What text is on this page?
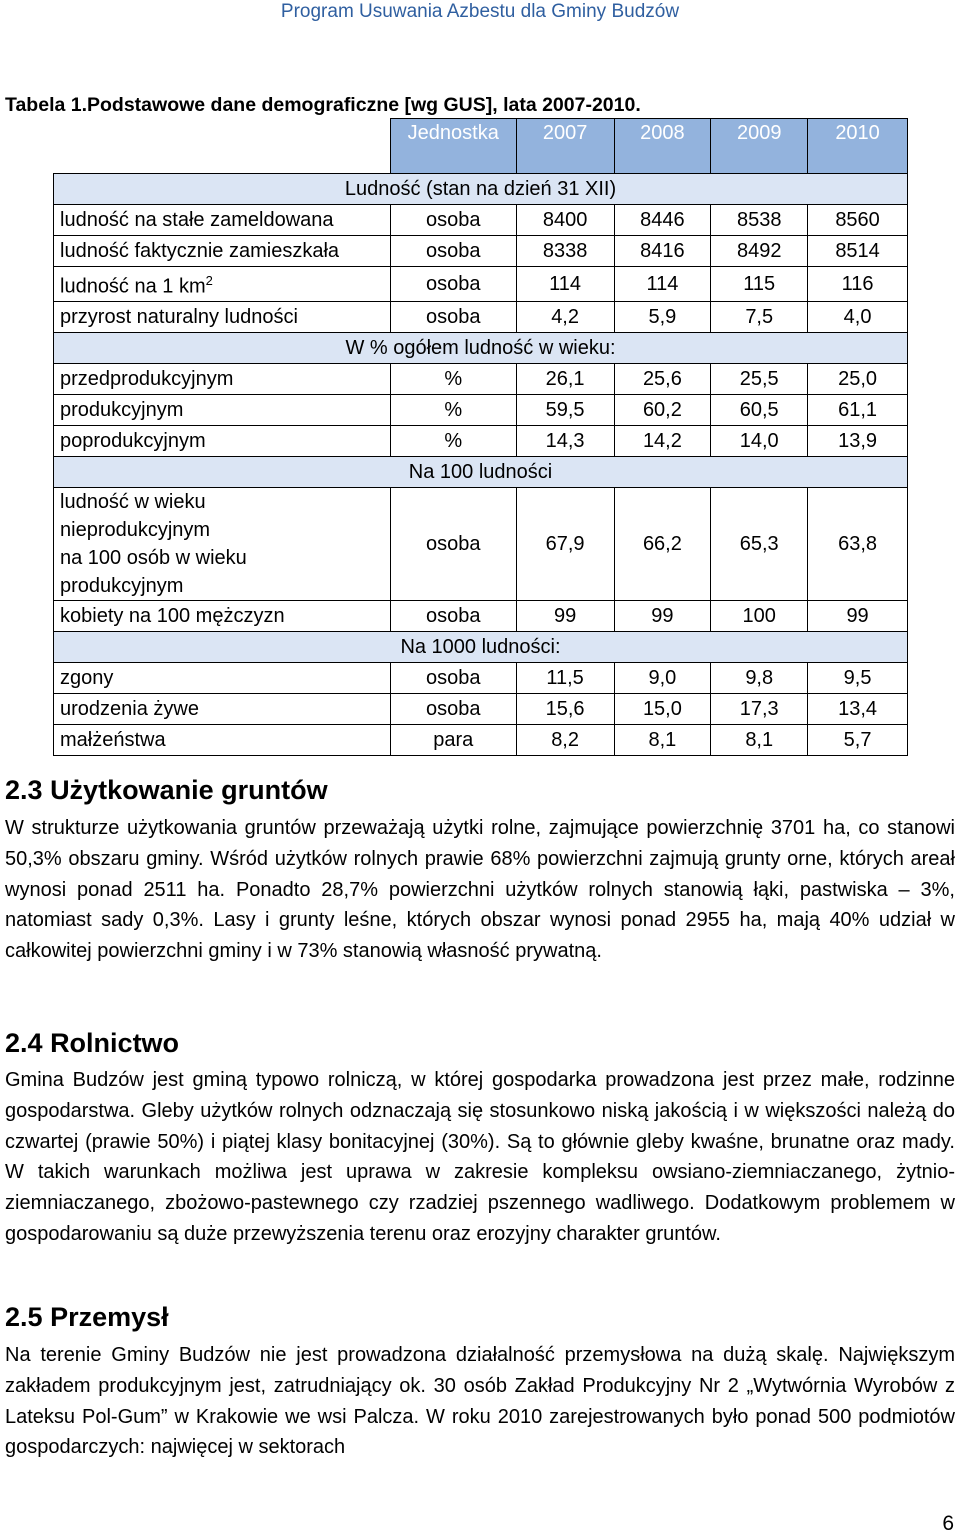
Program Usuwania Azbestu dla Gminy Budzów
Tabela 1.Podstawowe dane demograficzne [wg GUS], lata 2007-2010.
	Jednostka	2007	2008	2009	2010
Ludność (stan na dzień 31 XII)					
ludność na stałe zameldowana	osoba	8400	8446	8538	8560
ludność faktycznie zamieszkała	osoba	8338	8416	8492	8514
ludność na 1 $km^2$	osoba	114	114	115	116
przyrost naturalny ludności	osoba	4,2	5,9	7,5	4,0
W % ogółem ludność w wieku:					
przedprodukcyjnym	%	26,1	25,6	25,5	25,0
produkcyjnym	%	59,5	60,2	60,5	61,1
poprodukcyjnym	%	14,3	14,2	14,0	13,9
Na 100 ludności					

ludność w wieku
nieprodukcyjnym
na 100 osób w wieku
produkcyjnym	osoba	67,9	66,2	65,3	63,8
kobiety na 100 mężczyzn	osoba	99	99	100	99
Na 1000 ludności:					
zgony	osoba	11,5	9,0	9,8	9,5
urodzenia żywe	osoba	15,6	15,0	17,3	13,4
małżeństwa	para	8,2	8,1	8,1	5,7
2.3 Użytkowanie gruntów
W strukturze użytkowania gruntów przeważają użytki rolne, zajmujące powierzchnię 3701 ha, co stanowi 50,3% obszaru gminy. Wśród użytków rolnych prawie 68% powierzchni zajmują grunty orne, których areał wynosi ponad 2511 ha. Ponadto 28,7% powierzchni użytków rolnych stanowią łąki, pastwiska – 3%, natomiast sady 0,3%. Lasy i grunty leśne, których obszar wynosi ponad 2955 ha, mają 40% udział w całkowitej powierzchni gminy i w 73% stanowią własność prywatną.
2.4 Rolnictwo
Gmina Budzów jest gminą typowo rolniczą, w której gospodarka prowadzona jest przez małe, rodzinne gospodarstwa. Gleby użytków rolnych odznaczają się stosunkowo niską jakością i w większości należą do czwartej (prawie 50%) i piątej klasy bonitacyjnej (30%). Są to głównie gleby kwaśne, brunatne oraz mady. W takich warunkach możliwa jest uprawa w zakresie kompleksu owsiano-ziemniaczanego, żytnio-ziemniaczanego, zbożowo-pastewnego czy rzadziej pszennego wadliwego. Dodatkowym problemem w gospodarowaniu są duże przewyższenia terenu oraz erozyjny charakter gruntów.
2.5 Przemysł
Na terenie Gminy Budzów nie jest prowadzona działalność przemysłowa na dużą skalę. Największym zakładem produkcyjnym jest, zatrudniający ok. 30 osób Zakład Produkcyjny Nr 2 „Wytwórnia Wyrobów z Lateksu Pol-Gum” w Krakowie we wsi Palcza. W roku 2010 zarejestrowanych było ponad 500 podmiotów gospodarczych: najwięcej w sektorach
6
